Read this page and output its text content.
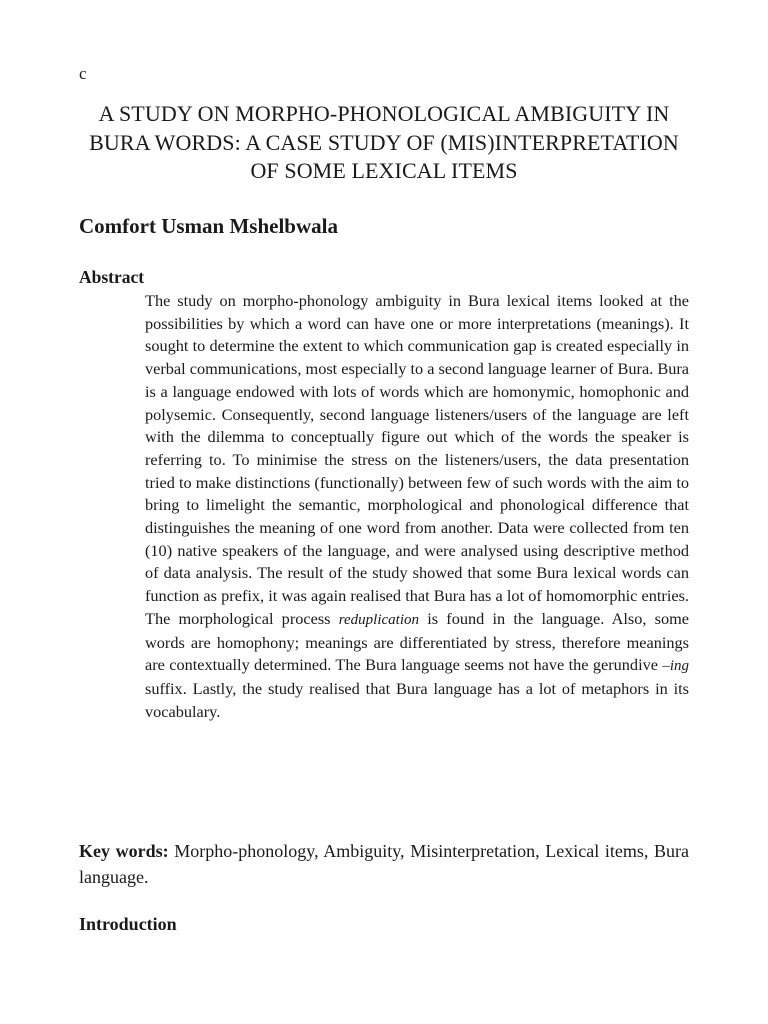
c
A STUDY ON MORPHO-PHONOLOGICAL AMBIGUITY IN BURA WORDS: A CASE STUDY OF (MIS)INTERPRETATION OF SOME LEXICAL ITEMS
Comfort Usman Mshelbwala
Abstract

The study on morpho-phonology ambiguity in Bura lexical items looked at the possibilities by which a word can have one or more interpretations (meanings). It sought to determine the extent to which communication gap is created especially in verbal communications, most especially to a second language learner of Bura. Bura is a language endowed with lots of words which are homonymic, homophonic and polysemic. Consequently, second language listeners/users of the language are left with the dilemma to conceptually figure out which of the words the speaker is referring to. To minimise the stress on the listeners/users, the data presentation tried to make distinctions (functionally) between few of such words with the aim to bring to limelight the semantic, morphological and phonological difference that distinguishes the meaning of one word from another. Data were collected from ten (10) native speakers of the language, and were analysed using descriptive method of data analysis. The result of the study showed that some Bura lexical words can function as prefix, it was again realised that Bura has a lot of homomorphic entries. The morphological process reduplication is found in the language. Also, some words are homophony; meanings are differentiated by stress, therefore meanings are contextually determined. The Bura language seems not have the gerundive –ing suffix. Lastly, the study realised that Bura language has a lot of metaphors in its vocabulary.

Key words: Morpho-phonology, Ambiguity, Misinterpretation, Lexical items, Bura language.

Introduction
